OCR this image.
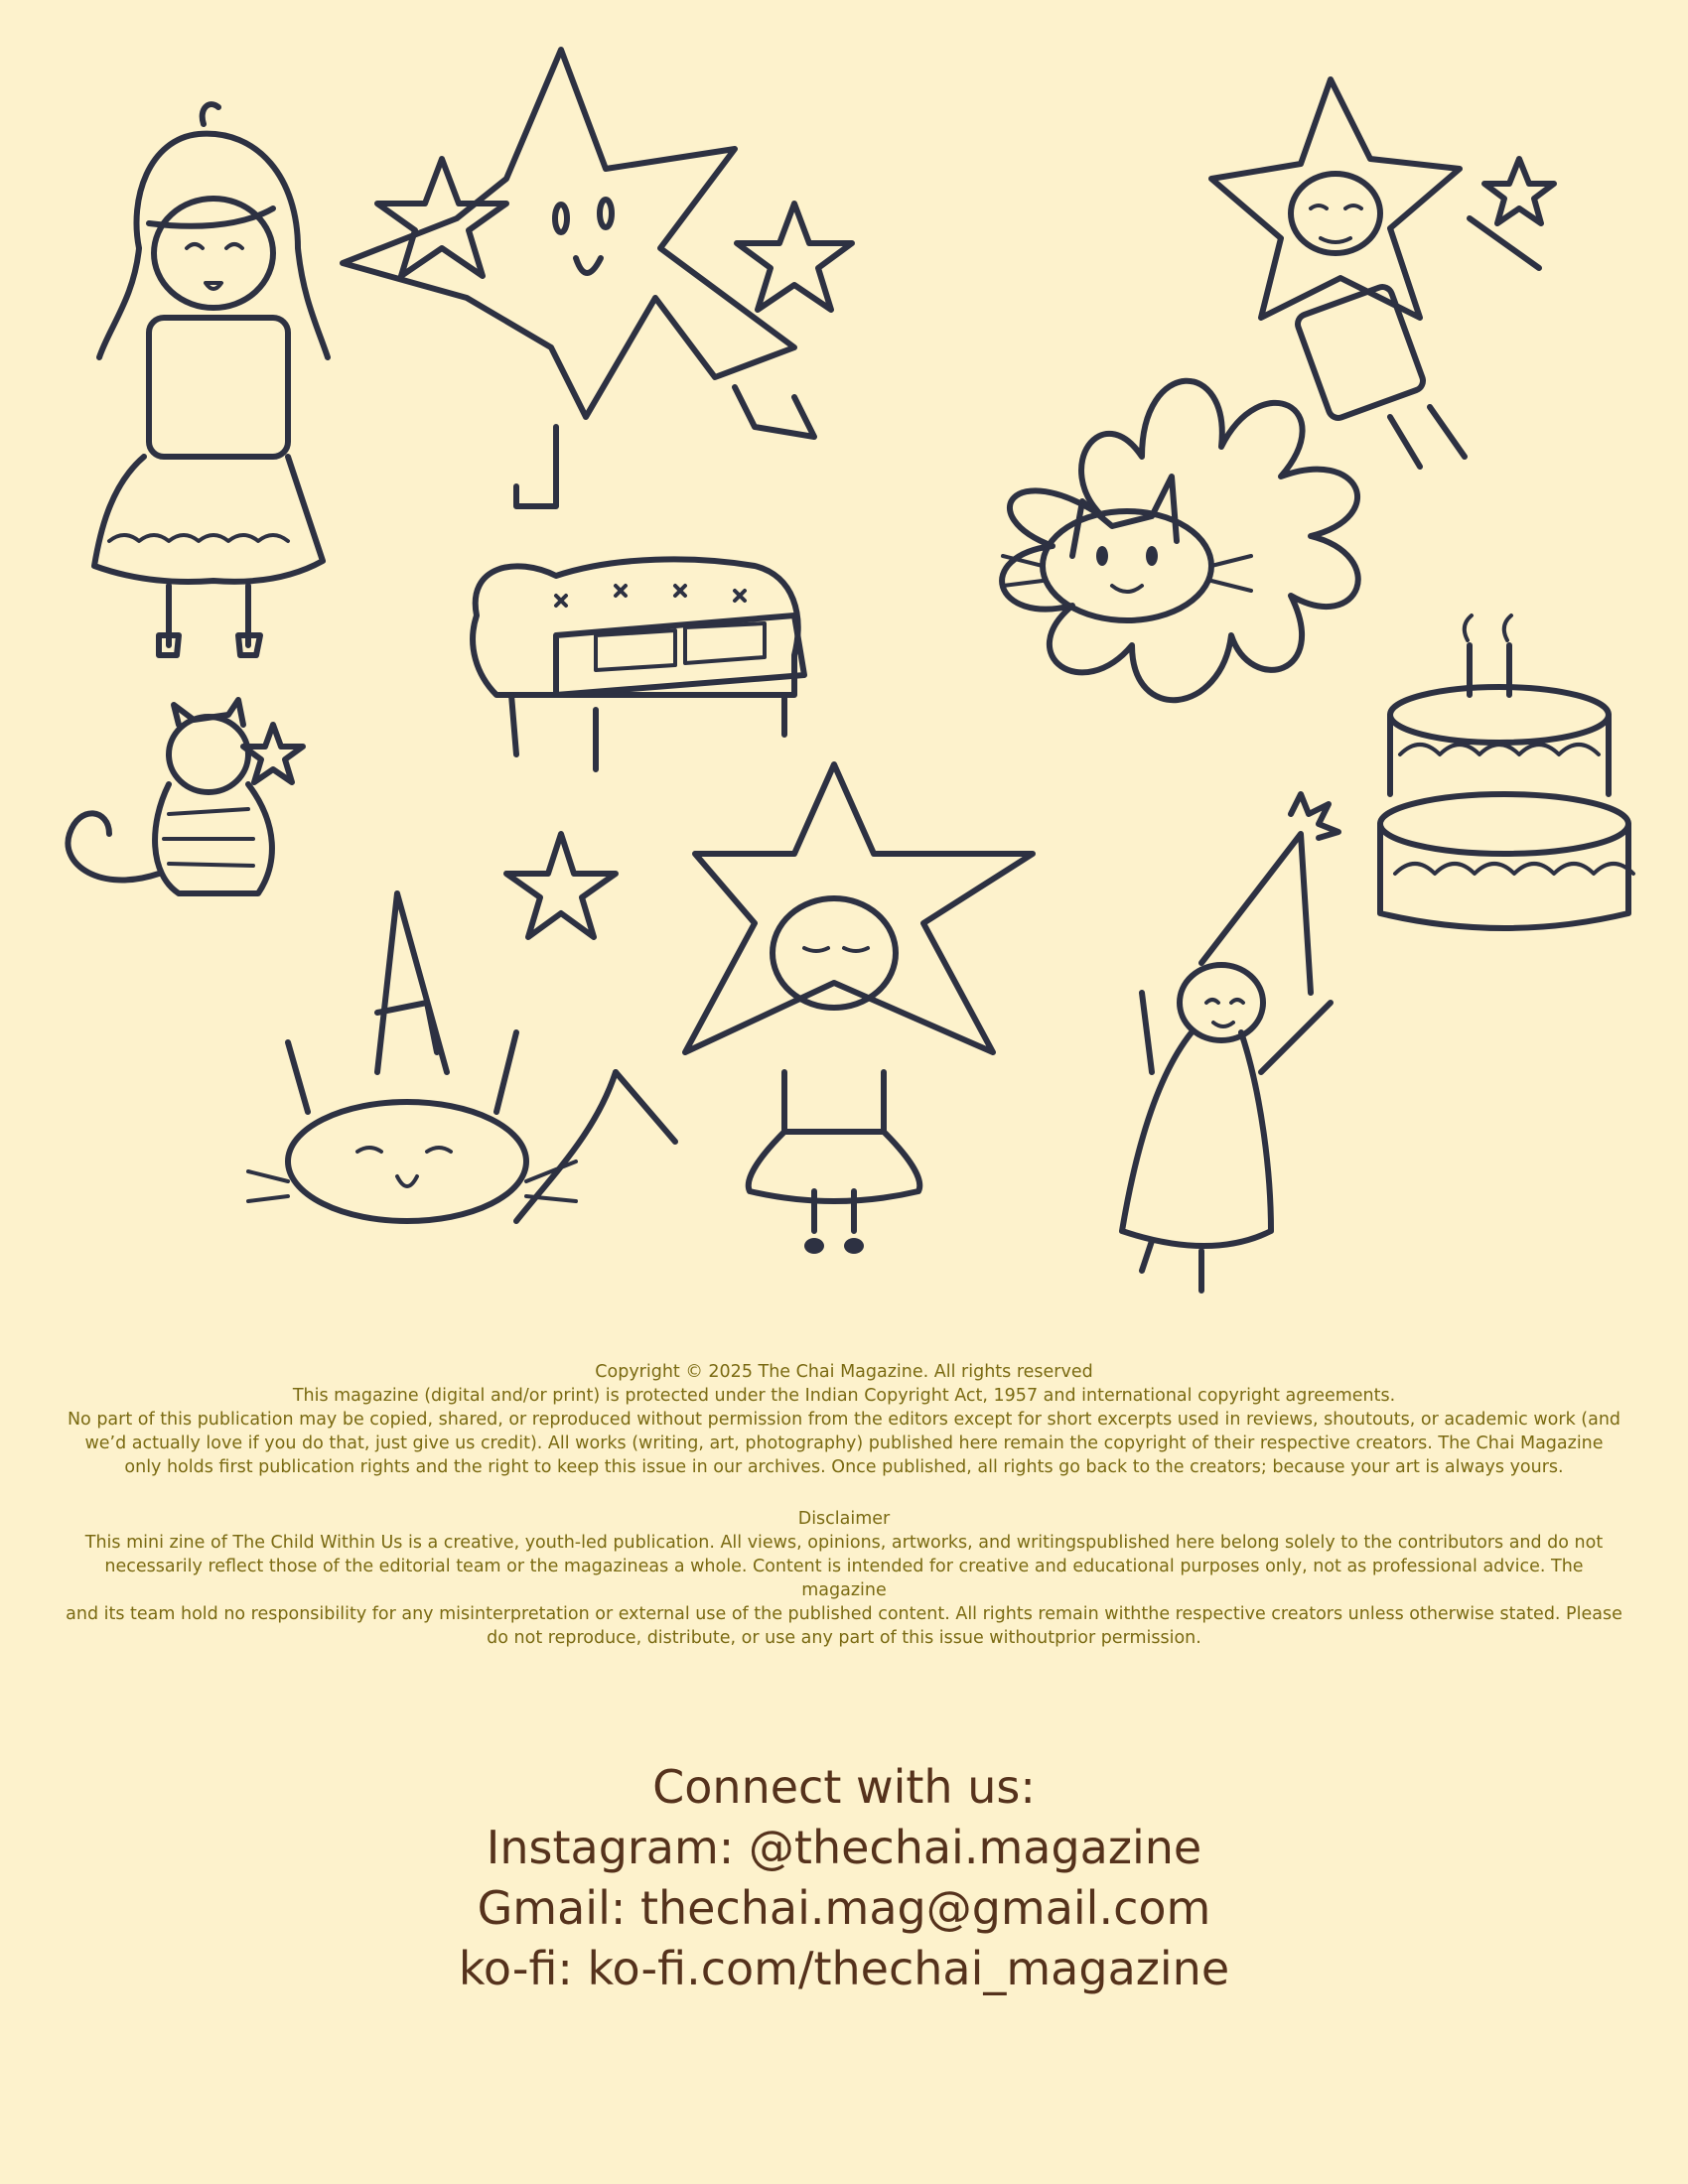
Copyright © 2025 The Chai Magazine. All rights reserved

This magazine (digital and/or print) is protected under the Indian Copyright Act, 1957 and international copyright agreements.

No part of this publication may be copied, shared, or reproduced without permission from the editors except for short excerpts used in reviews, shoutouts, or academic work (and

we’d actually love if you do that, just give us credit). All works (writing, art, photography) published here remain the copyright of their respective creators. The Chai Magazine

only holds first publication rights and the right to keep this issue in our archives. Once published, all rights go back to the creators; because your art is always yours.

Disclaimer

This mini zine of The Child Within Us is a creative, youth-led publication. All views, opinions, artworks, and writingspublished here belong solely to the contributors and do not

necessarily reflect those of the editorial team or the magazineas a whole. Content is intended for creative and educational purposes only, not as professional advice. The magazine

and its team hold no responsibility for any misinterpretation or external use of the published content. All rights remain withthe respective creators unless otherwise stated. Please

do not reproduce, distribute, or use any part of this issue withoutprior permission.

Connect with us:

Instagram: @thechai.magazine

Gmail: thechai.mag@gmail.com

ko-fi: ko-fi.com/thechai_magazine
